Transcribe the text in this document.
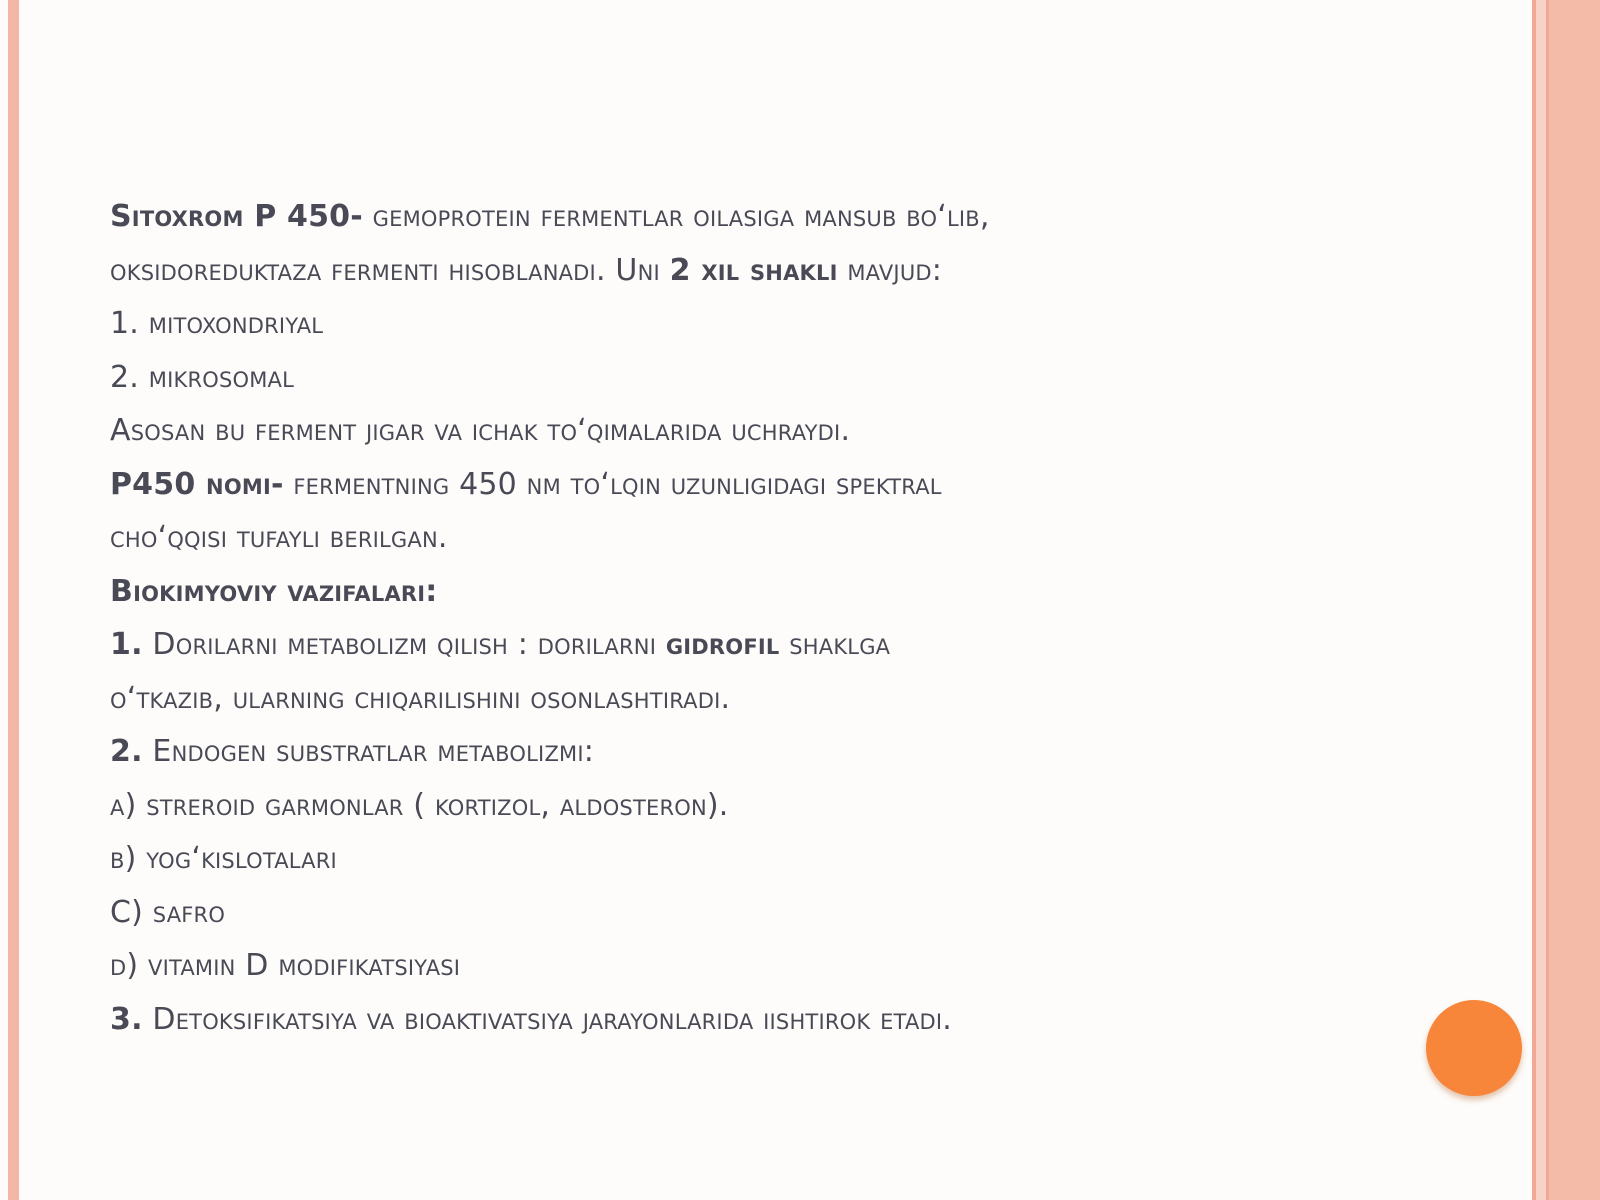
Sitoxrom P 450- gemoprotein fermentlar oilasiga mansub bo‘lib,
oksidoreduktaza fermenti hisoblanadi. Uni 2 xil shakli mavjud:
1. mitoxondriyal
2. mikrosomal
Asosan bu ferment jigar va ichak to‘qimalarida uchraydi.
P450 nomi- fermentning 450 nm to‘lqin uzunligidagi spektral
cho‘qqisi tufayli berilgan.
Biokimyoviy vazifalari:
1. Dorilarni metabolizm qilish : dorilarni gidrofil shaklga
o‘tkazib, ularning chiqarilishini osonlashtiradi.
2. Endogen substratlar metabolizmi:
a) streroid garmonlar ( kortizol, aldosteron).
b) yog‘kislotalari
C) safro
d) vitamin D modifikatsiyasi
3. Detoksifikatsiya va bioaktivatsiya jarayonlarida iishtirok etadi.
